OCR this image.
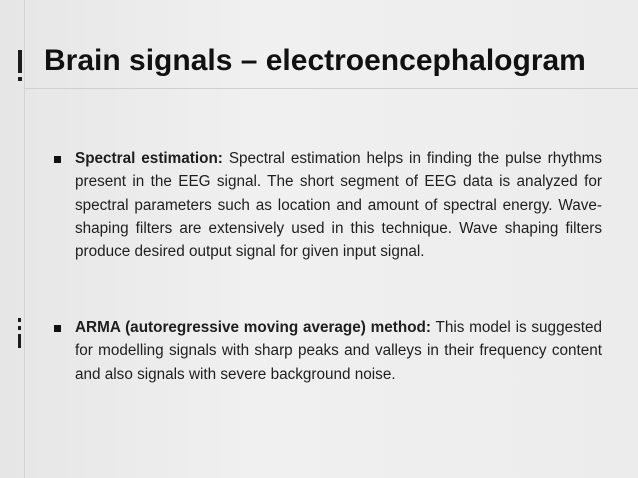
Brain signals – electroencephalogram
Spectral estimation: Spectral estimation helps in finding the pulse rhythms present in the EEG signal. The short segment of EEG data is analyzed for spectral parameters such as location and amount of spectral energy. Wave-shaping filters are extensively used in this technique. Wave shaping filters produce desired output signal for given input signal.
ARMA (autoregressive moving average) method: This model is suggested for modelling signals with sharp peaks and valleys in their frequency content and also signals with severe background noise.
